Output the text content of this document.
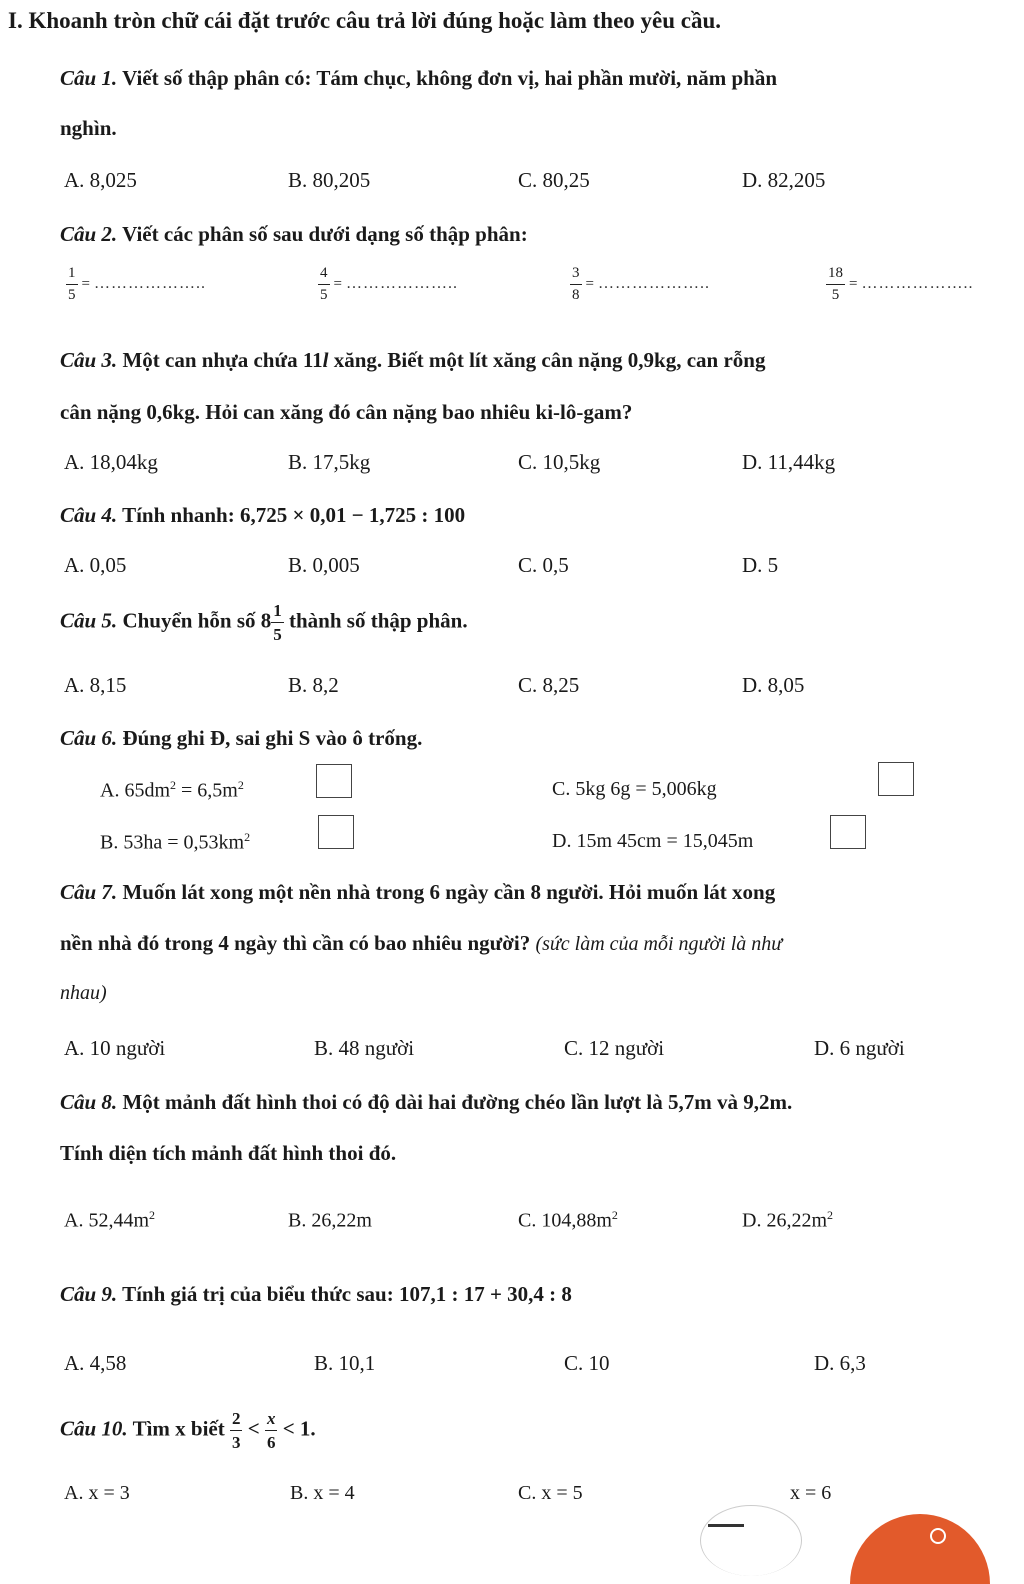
I. Khoanh tròn chữ cái đặt trước câu trả lời đúng hoặc làm theo yêu cầu.
Câu 1. Viết số thập phân có: Tám chục, không đơn vị, hai phần mười, năm phần
nghìn.
A. 8,025	B. 80,205	C. 80,25	D. 82,205
Câu 2. Viết các phân số sau dưới dạng số thập phân:
$\frac{1}{5}$ = ………………..	$\frac{4}{5}$ = ………………..	$\frac{3}{8}$ = ………………..	$\frac{18}{5}$ = ………………..
Câu 3. Một can nhựa chứa 11l xăng. Biết một lít xăng cân nặng 0,9kg, can rỗng
cân nặng 0,6kg. Hỏi can xăng đó cân nặng bao nhiêu ki-lô-gam?
A. 18,04kg	B. 17,5kg	C. 10,5kg	D. 11,44kg
Câu 4. Tính nhanh: 6,725 × 0,01 − 1,725 : 100
A. 0,05	B. 0,005	C. 0,5	D. 5
Câu 5. Chuyển hỗn số $8 \frac{1}{5}$ thành số thập phân.
A. 8,15	B. 8,2	C. 8,25	D. 8,05
Câu 6. Đúng ghi Đ, sai ghi S vào ô trống.
A. $65dm^2 = 6,5m^2$	C. 5kg 6g = 5,006kg
B. $53ha = 0,53km^2$	D. 15m 45cm = 15,045m
Câu 7. Muốn lát xong một nền nhà trong 6 ngày cần 8 người. Hỏi muốn lát xong
nền nhà đó trong 4 ngày thì cần có bao nhiêu người? (sức làm của mỗi người là như
nhau)
A. 10 người	B. 48 người	C. 12 người	D. 6 người
Câu 8. Một mảnh đất hình thoi có độ dài hai đường chéo lần lượt là 5,7m và 9,2m.
Tính diện tích mảnh đất hình thoi đó.
A. $52,44m^2$	B. 26,22m	C. $104,88m^2$	D. $26,22m^2$
Câu 9. Tính giá trị của biểu thức sau: 107,1 : 17 + 30,4 : 8
A. 4,58	B. 10,1	C. 10	D. 6,3
Câu 10. Tìm x biết $\frac{2}{3} < \frac{x}{6} < 1$.
A. x = 3	B. x = 4	C. x = 5	x = 6
